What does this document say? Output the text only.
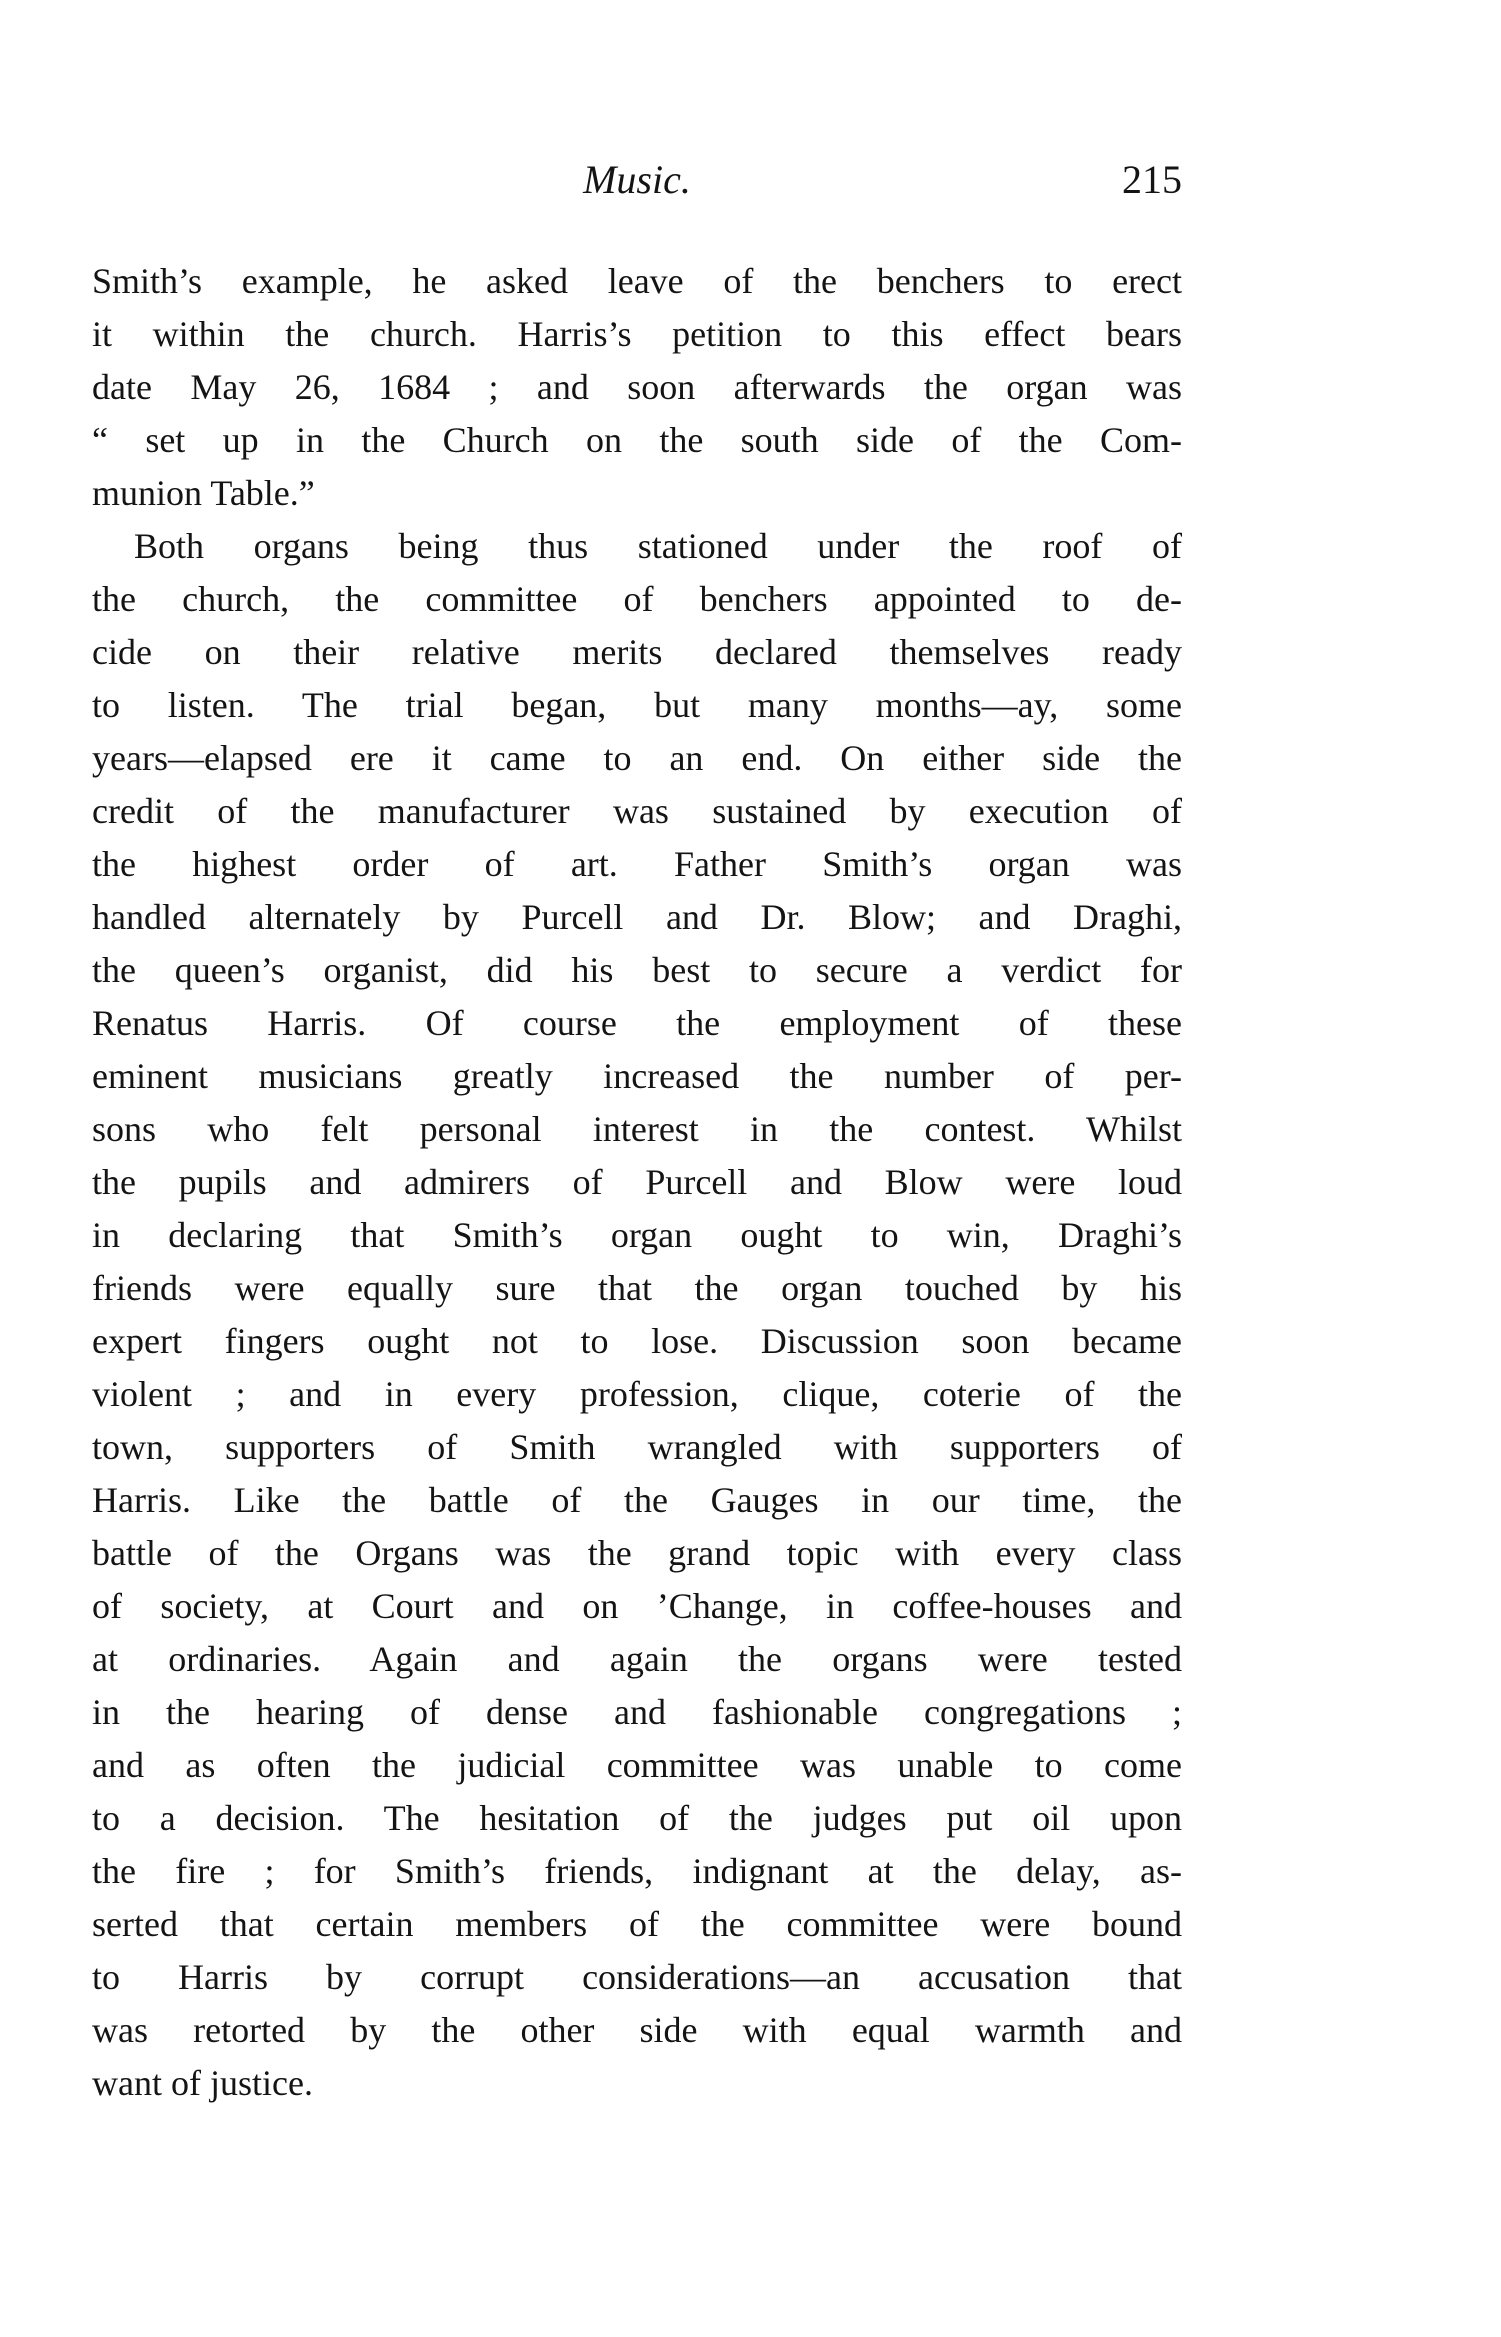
Music.	215
Smith’s example, he asked leave of the benchers to erect
it within the church. Harris’s petition to this effect bears
date May 26, 1684 ; and soon afterwards the organ was
“ set up in the Church on the south side of the Com-
munion Table.”
Both organs being thus stationed under the roof of
the church, the committee of benchers appointed to de-
cide on their relative merits declared themselves ready
to listen. The trial began, but many months—ay, some
years—elapsed ere it came to an end. On either side the
credit of the manufacturer was sustained by execution of
the highest order of art. Father Smith’s organ was
handled alternately by Purcell and Dr. Blow; and Draghi,
the queen’s organist, did his best to secure a verdict for
Renatus Harris. Of course the employment of these
eminent musicians greatly increased the number of per-
sons who felt personal interest in the contest. Whilst
the pupils and admirers of Purcell and Blow were loud
in declaring that Smith’s organ ought to win, Draghi’s
friends were equally sure that the organ touched by his
expert fingers ought not to lose. Discussion soon became
violent ; and in every profession, clique, coterie of the
town, supporters of Smith wrangled with supporters of
Harris. Like the battle of the Gauges in our time, the
battle of the Organs was the grand topic with every class
of society, at Court and on ’Change, in coffee-houses and
at ordinaries. Again and again the organs were tested
in the hearing of dense and fashionable congregations ;
and as often the judicial committee was unable to come
to a decision. The hesitation of the judges put oil upon
the fire ; for Smith’s friends, indignant at the delay, as-
serted that certain members of the committee were bound
to Harris by corrupt considerations—an accusation that
was retorted by the other side with equal warmth and
want of justice.
